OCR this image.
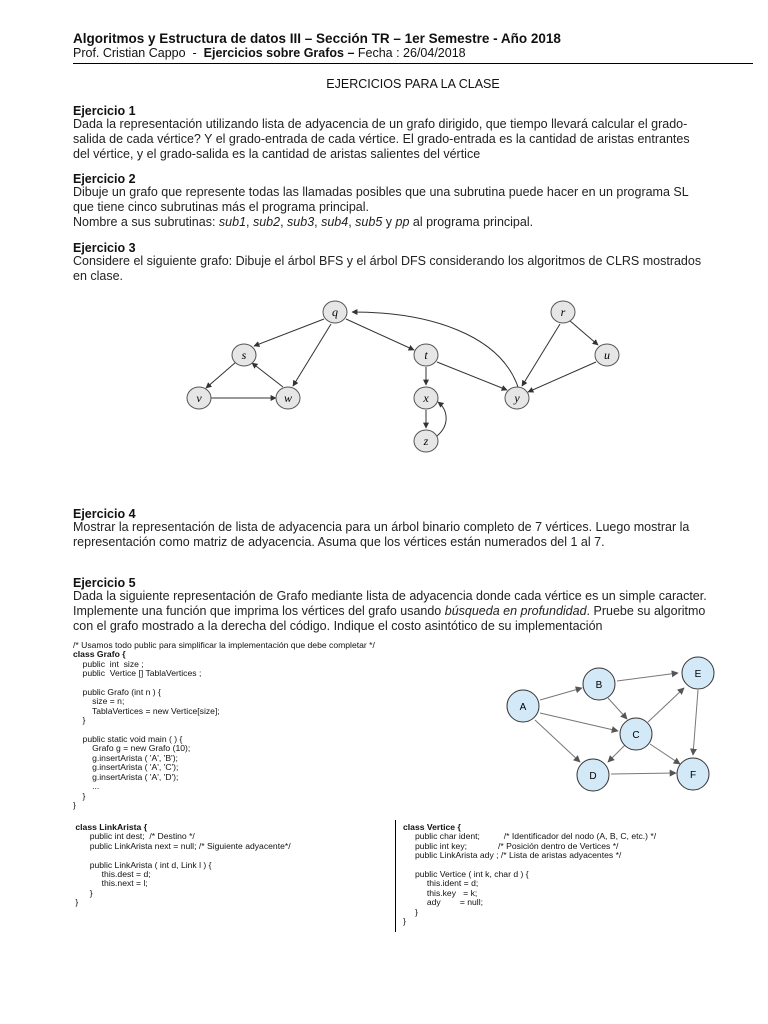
Algoritmos y Estructura de datos III – Sección TR – 1er Semestre - Año 2018
Prof. Cristian Cappo - Ejercicios sobre Grafos – Fecha : 26/04/2018
EJERCICIOS PARA LA CLASE
Ejercicio 1
Dada la representación utilizando lista de adyacencia de un grafo dirigido, que tiempo llevará calcular el grado-
salida de cada vértice? Y el grado-entrada de cada vértice. El grado-entrada es la cantidad de aristas entrantes
del vértice, y el grado-salida es la cantidad de aristas salientes del vértice
Ejercicio 2
Dibuje un grafo que represente todas las llamadas posibles que una subrutina puede hacer en un programa SL
que tiene cinco subrutinas más el programa principal.
Nombre a sus subrutinas: sub1, sub2, sub3, sub4, sub5 y pp al programa principal.
Ejercicio 3
Considere el siguiente grafo: Dibuje el árbol BFS y el árbol DFS considerando los algoritmos de CLRS mostrados
en clase.
q
s
v	w
t
x
z
y
r
u
A
B
C
D
E
F
Ejercicio 4
Mostrar la representación de lista de adyacencia para un árbol binario completo de 7 vértices. Luego mostrar la
representación como matriz de adyacencia. Asuma que los vértices están numerados del 1 al 7.
Ejercicio 5
Dada la siguiente representación de Grafo mediante lista de adyacencia donde cada vértice es un simple caracter.
Implemente una función que imprima los vértices del grafo usando búsqueda en profundidad. Pruebe su algoritmo
con el grafo mostrado a la derecha del código. Indique el costo asintótico de su implementación
/* Usamos todo public para simplificar la implementación que debe completar */
class Grafo {
public  int  size ;
public  Vertice [] TablaVertices ;

public Grafo (int n ) {
size = n;
TablaVertices = new Vertice[size];
}

public static void main ( ) {
Grafo g = new Grafo (10);
g.insertArista ( 'A', 'B');
g.insertArista ( 'A', 'C');
g.insertArista ( 'A', 'D');
...
}
}
class LinkArista {
public int dest;  /* Destino */
public LinkArista next = null; /* Siguiente adyacente*/

public LinkArista ( int d, Link l ) {
this.dest = d;
this.next = l;
}
}
class Vertice {
public char ident;          /* Identificador del nodo (A, B, C, etc.) */
public int key;             /* Posición dentro de Vertices */
public LinkArista ady ; /* Lista de aristas adyacentes */

public Vertice ( int k, char d ) {
this.ident = d;
this.key   = k;
ady        = null;
}
}
